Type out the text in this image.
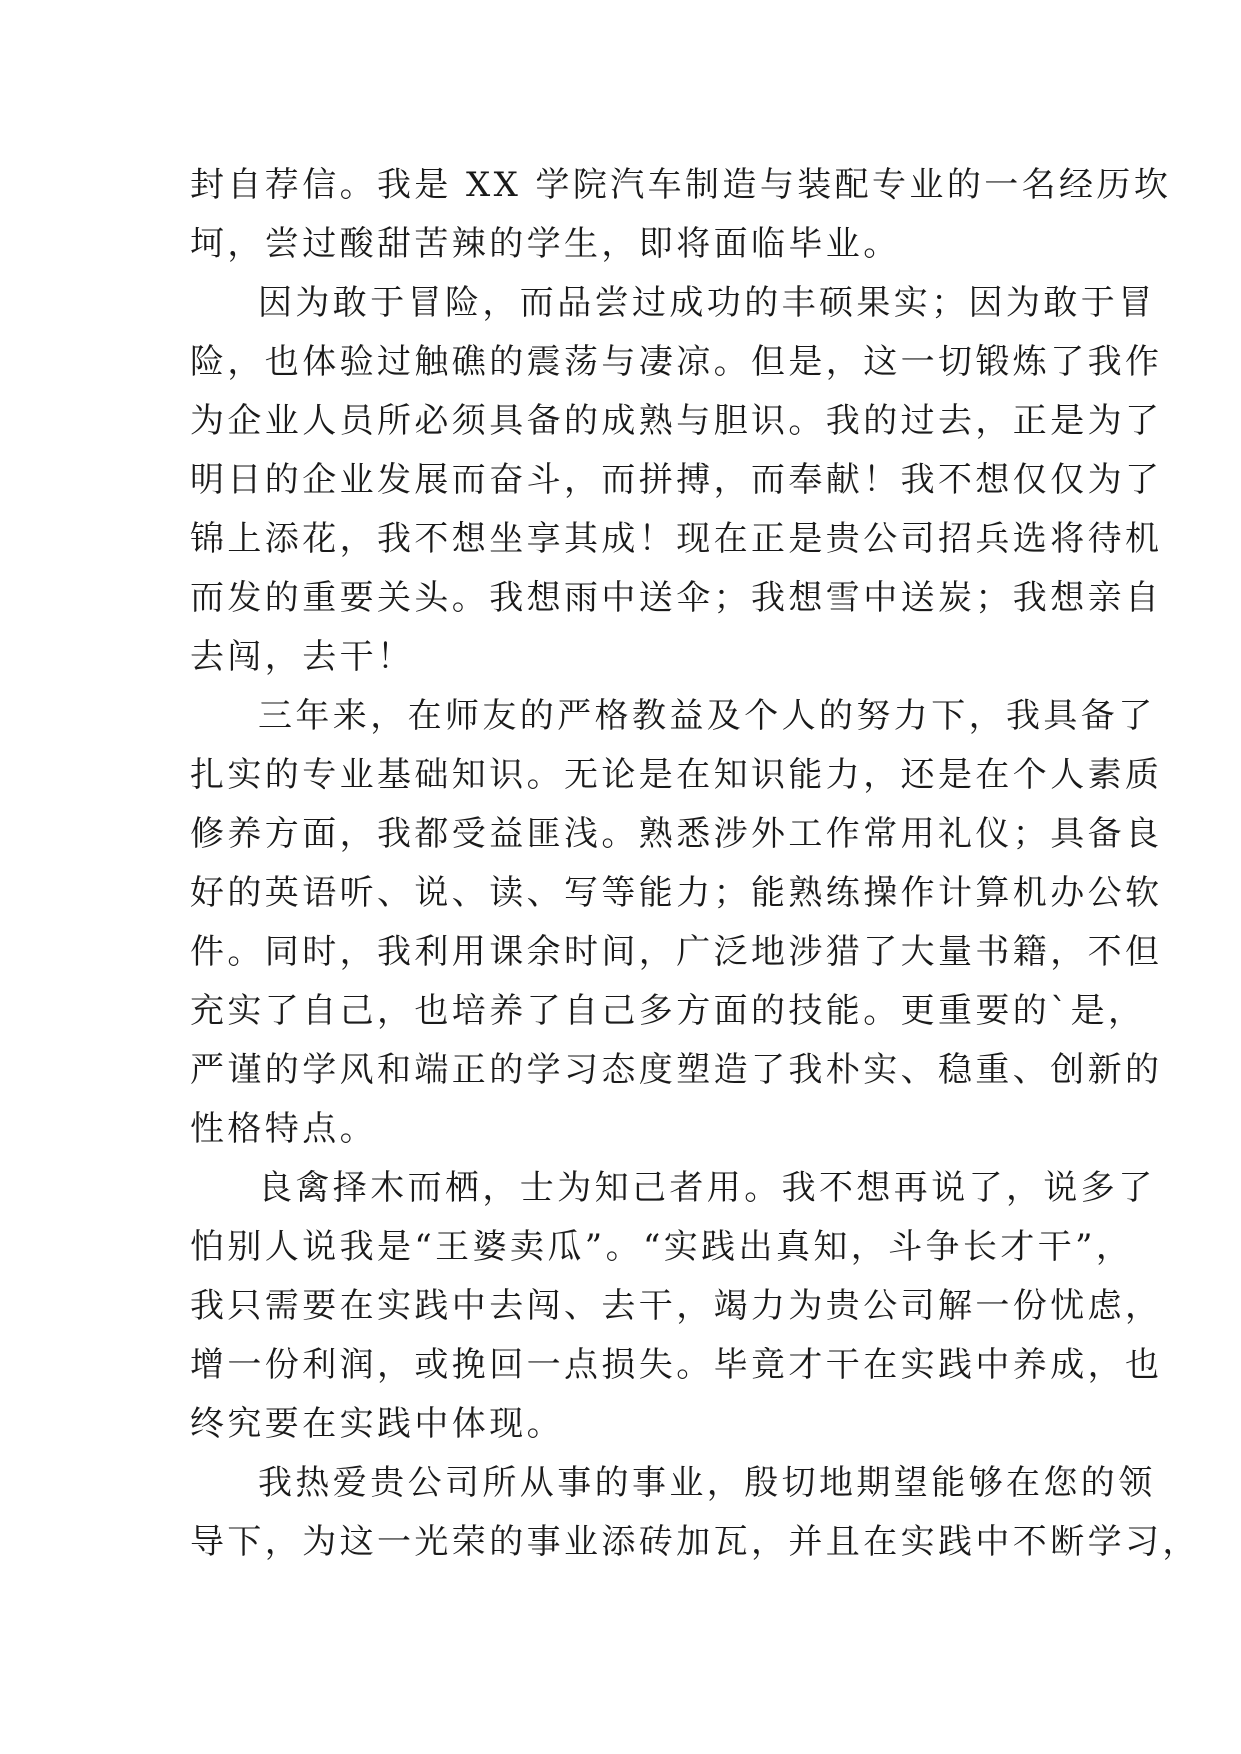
封自荐信。我是 XX 学院汽车制造与装配专业的一名经历坎
坷，尝过酸甜苦辣的学生，即将面临毕业。
因为敢于冒险，而品尝过成功的丰硕果实；因为敢于冒
险，也体验过触礁的震荡与凄凉。但是，这一切锻炼了我作
为企业人员所必须具备的成熟与胆识。我的过去，正是为了
明日的企业发展而奋斗，而拼搏，而奉献！我不想仅仅为了
锦上添花，我不想坐享其成！现在正是贵公司招兵选将待机
而发的重要关头。我想雨中送伞；我想雪中送炭；我想亲自
去闯，去干！
三年来，在师友的严格教益及个人的努力下，我具备了
扎实的专业基础知识。无论是在知识能力，还是在个人素质
修养方面，我都受益匪浅。熟悉涉外工作常用礼仪；具备良
好的英语听、说、读、写等能力；能熟练操作计算机办公软
件。同时，我利用课余时间，广泛地涉猎了大量书籍，不但
充实了自己，也培养了自己多方面的技能。更重要的`是，
严谨的学风和端正的学习态度塑造了我朴实、稳重、创新的
性格特点。
良禽择木而栖，士为知己者用。我不想再说了，说多了
怕别人说我是“王婆卖瓜”。“实践出真知，斗争长才干”，
我只需要在实践中去闯、去干，竭力为贵公司解一份忧虑，
增一份利润，或挽回一点损失。毕竟才干在实践中养成，也
终究要在实践中体现。
我热爱贵公司所从事的事业，殷切地期望能够在您的领
导下，为这一光荣的事业添砖加瓦，并且在实践中不断学习，
